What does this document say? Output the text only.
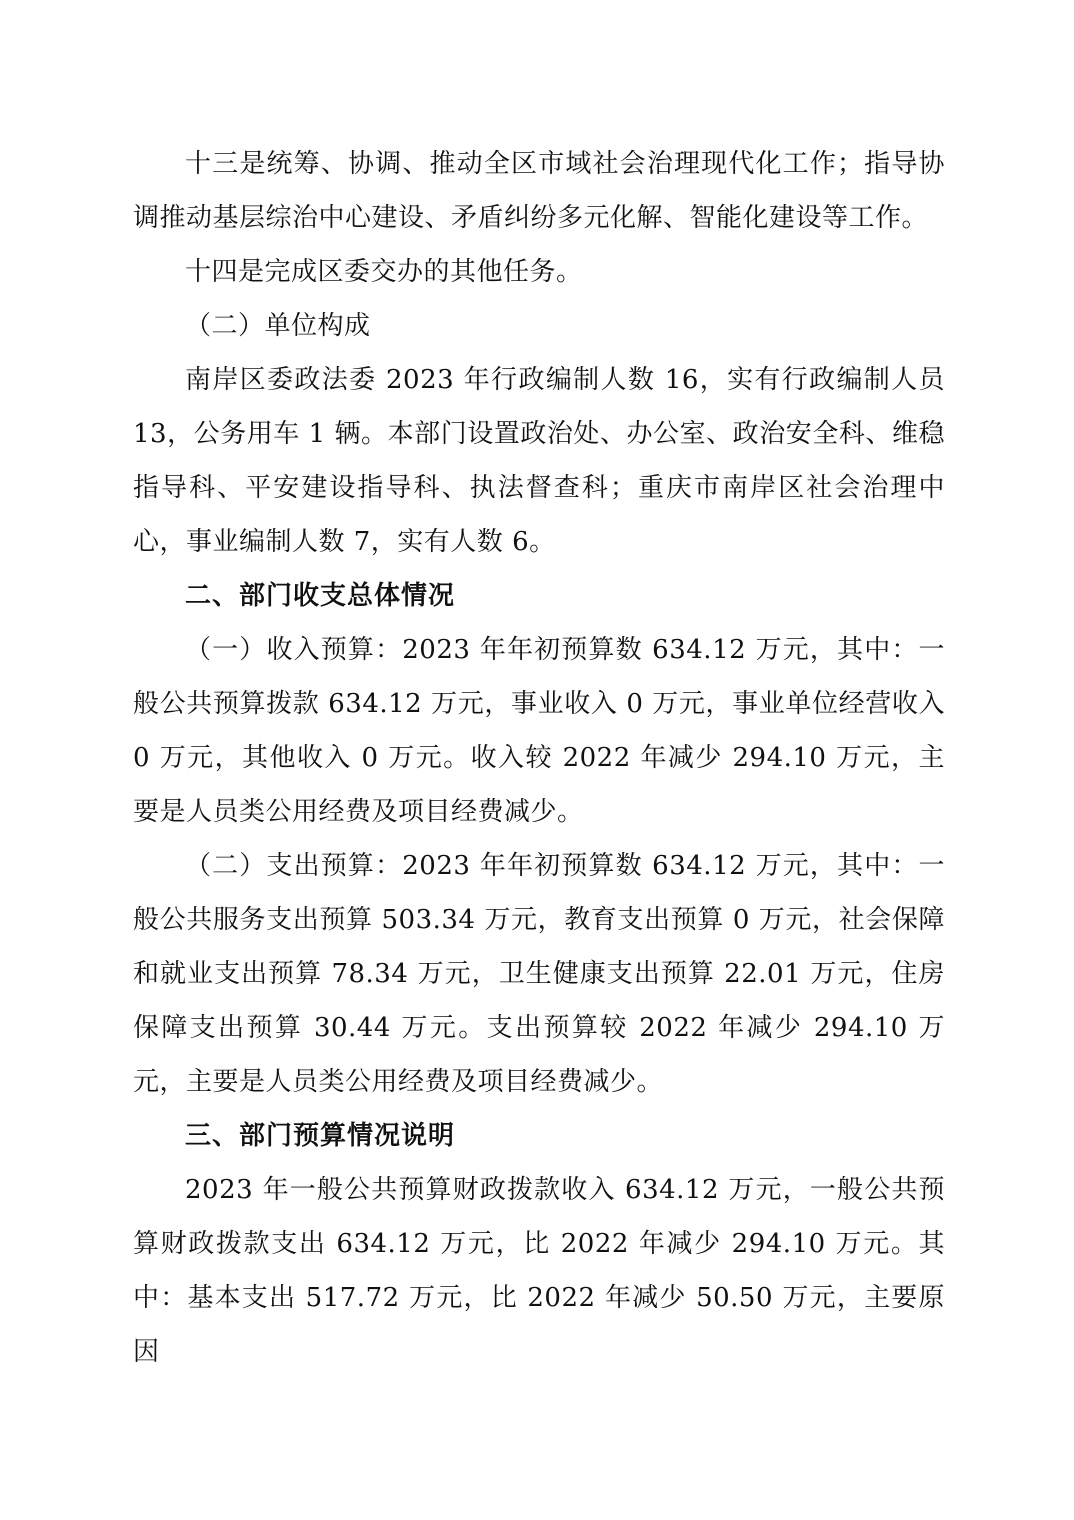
十三是统筹、协调、推动全区市域社会治理现代化工作；指导协调推动基层综治中心建设、矛盾纠纷多元化解、智能化建设等工作。

十四是完成区委交办的其他任务。

（二）单位构成

南岸区委政法委 2023 年行政编制人数 16，实有行政编制人员 13，公务用车 1 辆。本部门设置政治处、办公室、政治安全科、维稳指导科、平安建设指导科、执法督查科；重庆市南岸区社会治理中心，事业编制人数 7，实有人数 6。

二、部门收支总体情况

（一）收入预算：2023 年年初预算数 634.12 万元，其中：一般公共预算拨款 634.12 万元，事业收入 0 万元，事业单位经营收入 0 万元，其他收入 0 万元。收入较 2022 年减少 294.10 万元，主要是人员类公用经费及项目经费减少。

（二）支出预算：2023 年年初预算数 634.12 万元，其中：一般公共服务支出预算 503.34 万元，教育支出预算 0 万元，社会保障和就业支出预算 78.34 万元，卫生健康支出预算 22.01 万元，住房保障支出预算 30.44 万元。支出预算较 2022 年减少 294.10 万元，主要是人员类公用经费及项目经费减少。

三、部门预算情况说明

2023 年一般公共预算财政拨款收入 634.12 万元，一般公共预算财政拨款支出 634.12 万元，比 2022 年减少 294.10 万元。其中：基本支出 517.72 万元，比 2022 年减少 50.50 万元，主要原因
